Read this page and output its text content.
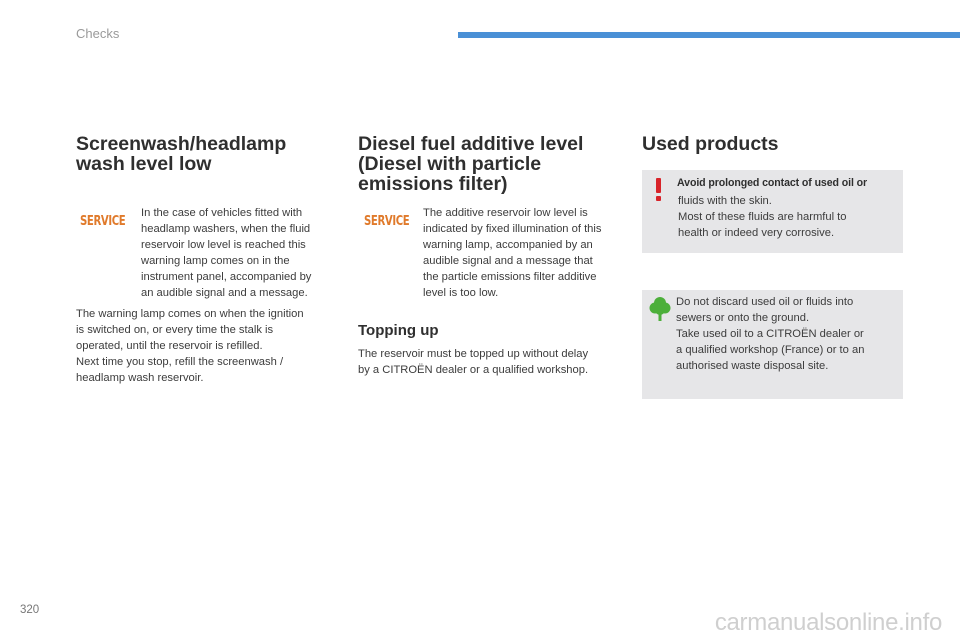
Checks
Screenwash/headlamp
wash level low
SERVICE

In the case of vehicles fitted with
headlamp washers, when the fluid
reservoir low level is reached this
warning lamp comes on in the
instrument panel, accompanied by
an audible signal and a message.

The warning lamp comes on when the ignition
is switched on, or every time the stalk is
operated, until the reservoir is refilled.
Next time you stop, refill the screenwash /
headlamp wash reservoir.

Diesel fuel additive level
(Diesel with particle
emissions filter)
SERVICE

The additive reservoir low level is
indicated by fixed illumination of this
warning lamp, accompanied by an
audible signal and a message that
the particle emissions filter additive
level is too low.

Topping up

The reservoir must be topped up without delay
by a CITROËN dealer or a qualified workshop.

Used products
Avoid prolonged contact of used oil or

fluids with the skin.
Most of these fluids are harmful to
health or indeed very corrosive.

Do not discard used oil or fluids into
sewers or onto the ground.
Take used oil to a CITROËN dealer or
a qualified workshop (France) or to an
authorised waste disposal site.

320	carmanualsonline.info
